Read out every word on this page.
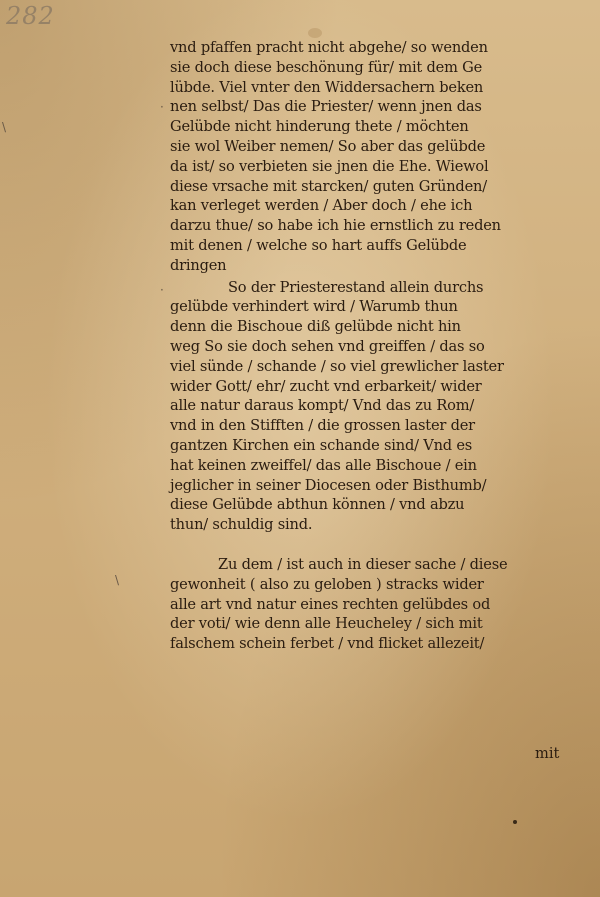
282
·
\
·
\
vnd pfaffen pracht nicht abgehe/ so wenden
sie doch diese beschönung für/ mit dem Ge
lübde. Viel vnter den Widdersachern beken
nen selbst/ Das die Priester/ wenn jnen das
Gelübde nicht hinderung thete / möchten
sie wol Weiber nemen/ So aber das gelübde
da ist/ so verbieten sie jnen die Ehe. Wiewol
diese vrsache mit starcken/ guten Gründen/
kan verleget werden / Aber doch / ehe ich
darzu thue/ so habe ich hie ernstlich zu reden
mit denen / welche so hart auffs Gelübde
dringen
So der Priesterestand allein durchs
gelübde verhindert wird / Warumb thun
denn die Bischoue diß gelübde nicht hin
weg So sie doch sehen vnd greiffen / das so
viel sünde / schande / so viel grewlicher laster
wider Gott/ ehr/ zucht vnd erbarkeit/ wider
alle natur daraus kompt/ Vnd das zu Rom/
vnd in den Stifften / die grossen laster der
gantzen Kirchen ein schande sind/ Vnd es
hat keinen zweiffel/ das alle Bischoue / ein
jeglicher in seiner Diocesen oder Bisthumb/
diese Gelübde abthun können / vnd abzu
thun/ schuldig sind.
Zu dem / ist auch in dieser sache / diese
gewonheit ( also zu geloben ) stracks wider
alle art vnd natur eines rechten gelübdes od
der voti/ wie denn alle Heucheley / sich mit
falschem schein ferbet / vnd flicket allezeit/
mit
